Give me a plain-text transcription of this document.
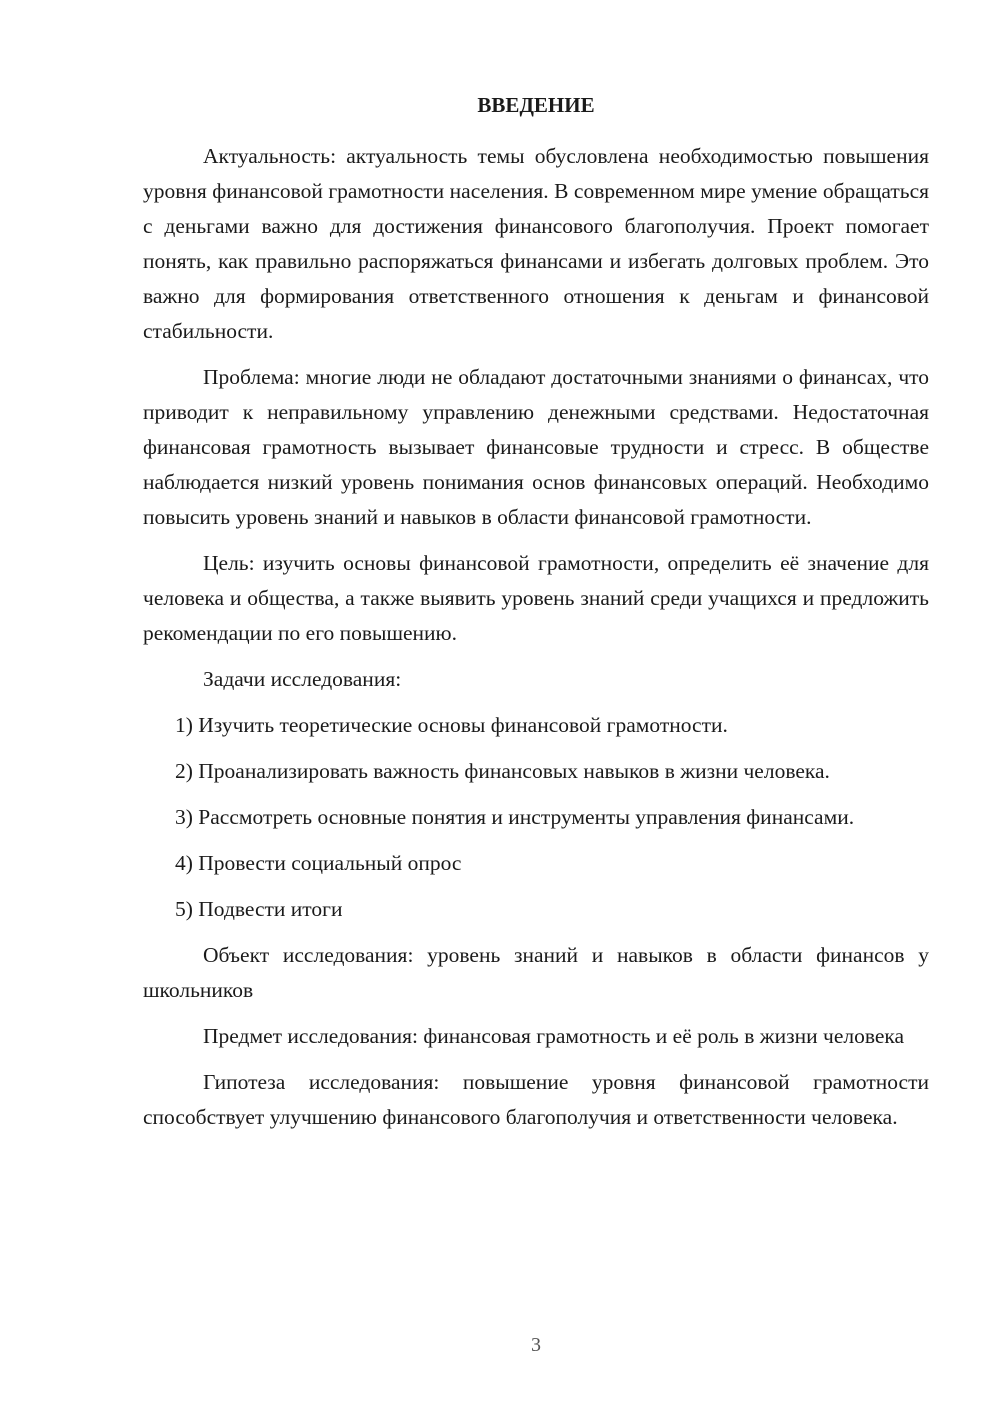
ВВЕДЕНИЕ

Актуальность: актуальность темы обусловлена необходимостью повышения уровня финансовой грамотности населения. В современном мире умение обращаться с деньгами важно для достижения финансового благополучия. Проект помогает понять, как правильно распоряжаться финансами и избегать долговых проблем. Это важно для формирования ответственного отношения к деньгам и финансовой стабильности.

Проблема: многие люди не обладают достаточными знаниями о финансах, что приводит к неправильному управлению денежными средствами. Недостаточная финансовая грамотность вызывает финансовые трудности и стресс. В обществе наблюдается низкий уровень понимания основ финансовых операций. Необходимо повысить уровень знаний и навыков в области финансовой грамотности.

Цель: изучить основы финансовой грамотности, определить её значение для человека и общества, а также выявить уровень знаний среди учащихся и предложить рекомендации по его повышению.

Задачи исследования:

1) Изучить теоретические основы финансовой грамотности.

2) Проанализировать важность финансовых навыков в жизни человека.

3) Рассмотреть основные понятия и инструменты управления финансами.

4) Провести социальный опрос

5) Подвести итоги

Объект исследования: уровень знаний и навыков в области финансов у школьников

Предмет исследования: финансовая грамотность и её роль в жизни человека

Гипотеза исследования: повышение уровня финансовой грамотности способствует улучшению финансового благополучия и ответственности человека.

3
